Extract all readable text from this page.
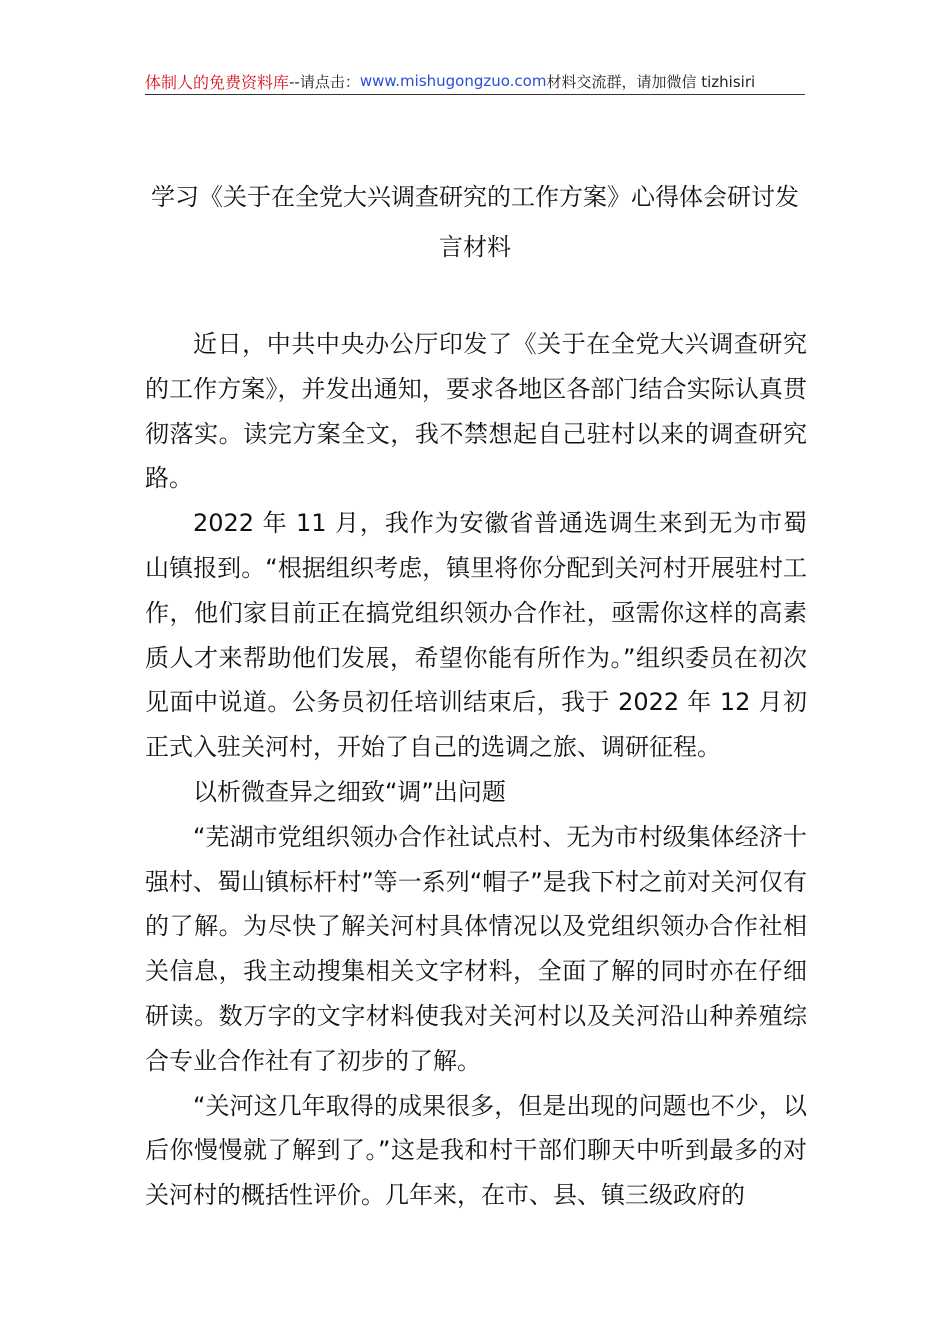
体制人的免费资料库 --请点击： www.mishugongzuo.com 材料交流群，请加微信 tizhisiri
学习《关于在全党大兴调查研究的工作方案》心得体会研讨发
言材料

近日，中共中央办公厅印发了《关于在全党大兴调查研究的工作方案》，并发出通知，要求各地区各部门结合实际认真贯彻落实。读完方案全文，我不禁想起自己驻村以来的调查研究路。

2022 年 11 月，我作为安徽省普通选调生来到无为市蜀山镇报到。“根据组织考虑，镇里将你分配到关河村开展驻村工作，他们家目前正在搞党组织领办合作社，亟需你这样的高素质人才来帮助他们发展，希望你能有所作为。”组织委员在初次见面中说道。公务员初任培训结束后，我于 2022 年 12 月初正式入驻关河村，开始了自己的选调之旅、调研征程。

以析微查异之细致“调”出问题

“芜湖市党组织领办合作社试点村、无为市村级集体经济十强村、蜀山镇标杆村”等一系列“帽子”是我下村之前对关河仅有的了解。为尽快了解关河村具体情况以及党组织领办合作社相关信息，我主动搜集相关文字材料，全面了解的同时亦在仔细研读。数万字的文字材料使我对关河村以及关河沿山种养殖综合专业合作社有了初步的了解。

“关河这几年取得的成果很多，但是出现的问题也不少，以后你慢慢就了解到了。”这是我和村干部们聊天中听到最多的对关河村的概括性评价。几年来，在市、县、镇三级政府的
